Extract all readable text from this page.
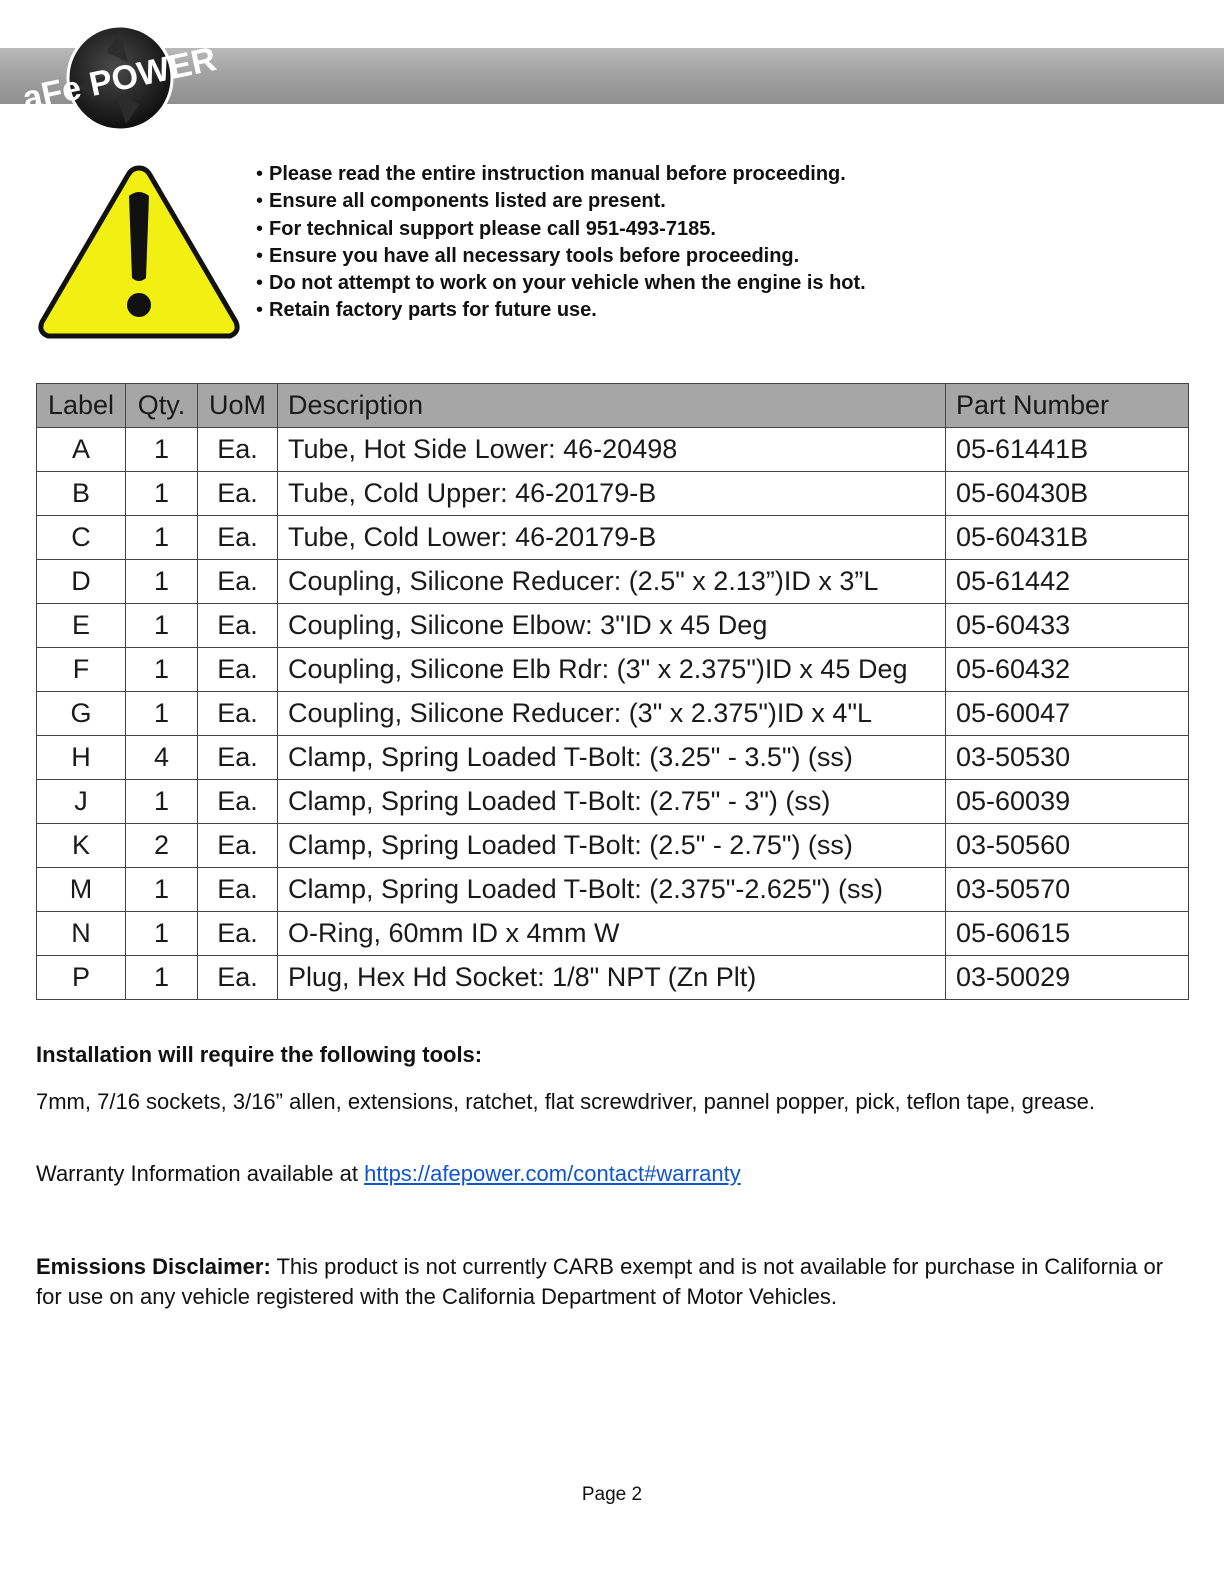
aFe POWER
• Please read the entire instruction manual before proceeding.
• Ensure all components listed are present.
• For technical support please call 951-493-7185.
• Ensure you have all necessary tools before proceeding.
• Do not attempt to work on your vehicle when the engine is hot.
• Retain factory parts for future use.
Label	Qty.	UoM	Description	Part Number
A	1	Ea.	Tube, Hot Side Lower: 46-20498	05-61441B
B	1	Ea.	Tube, Cold Upper: 46-20179-B	05-60430B
C	1	Ea.	Tube, Cold Lower: 46-20179-B	05-60431B
D	1	Ea.	Coupling, Silicone Reducer: (2.5" x 2.13”)ID x 3”L	05-61442
E	1	Ea.	Coupling, Silicone Elbow: 3"ID x 45 Deg	05-60433
F	1	Ea.	Coupling, Silicone Elb Rdr: (3" x 2.375")ID x 45 Deg	05-60432
G	1	Ea.	Coupling, Silicone Reducer: (3" x 2.375")ID x 4"L	05-60047
H	4	Ea.	Clamp, Spring Loaded T-Bolt: (3.25" - 3.5") (ss)	03-50530
J	1	Ea.	Clamp, Spring Loaded T-Bolt: (2.75" - 3") (ss)	05-60039
K	2	Ea.	Clamp, Spring Loaded T-Bolt: (2.5" - 2.75") (ss)	03-50560
M	1	Ea.	Clamp, Spring Loaded T-Bolt: (2.375"-2.625") (ss)	03-50570
N	1	Ea.	O-Ring, 60mm ID x 4mm W	05-60615
P	1	Ea.	Plug, Hex Hd Socket: 1/8" NPT (Zn Plt)	03-50029
Installation will require the following tools:
7mm, 7/16 sockets, 3/16” allen, extensions, ratchet, flat screwdriver, pannel popper, pick, teflon tape, grease.
Warranty Information available at https://afepower.com/contact#warranty
Emissions Disclaimer: This product is not currently CARB exempt and is not available for purchase in California or for use on any vehicle registered with the California Department of Motor Vehicles.
Page 2
